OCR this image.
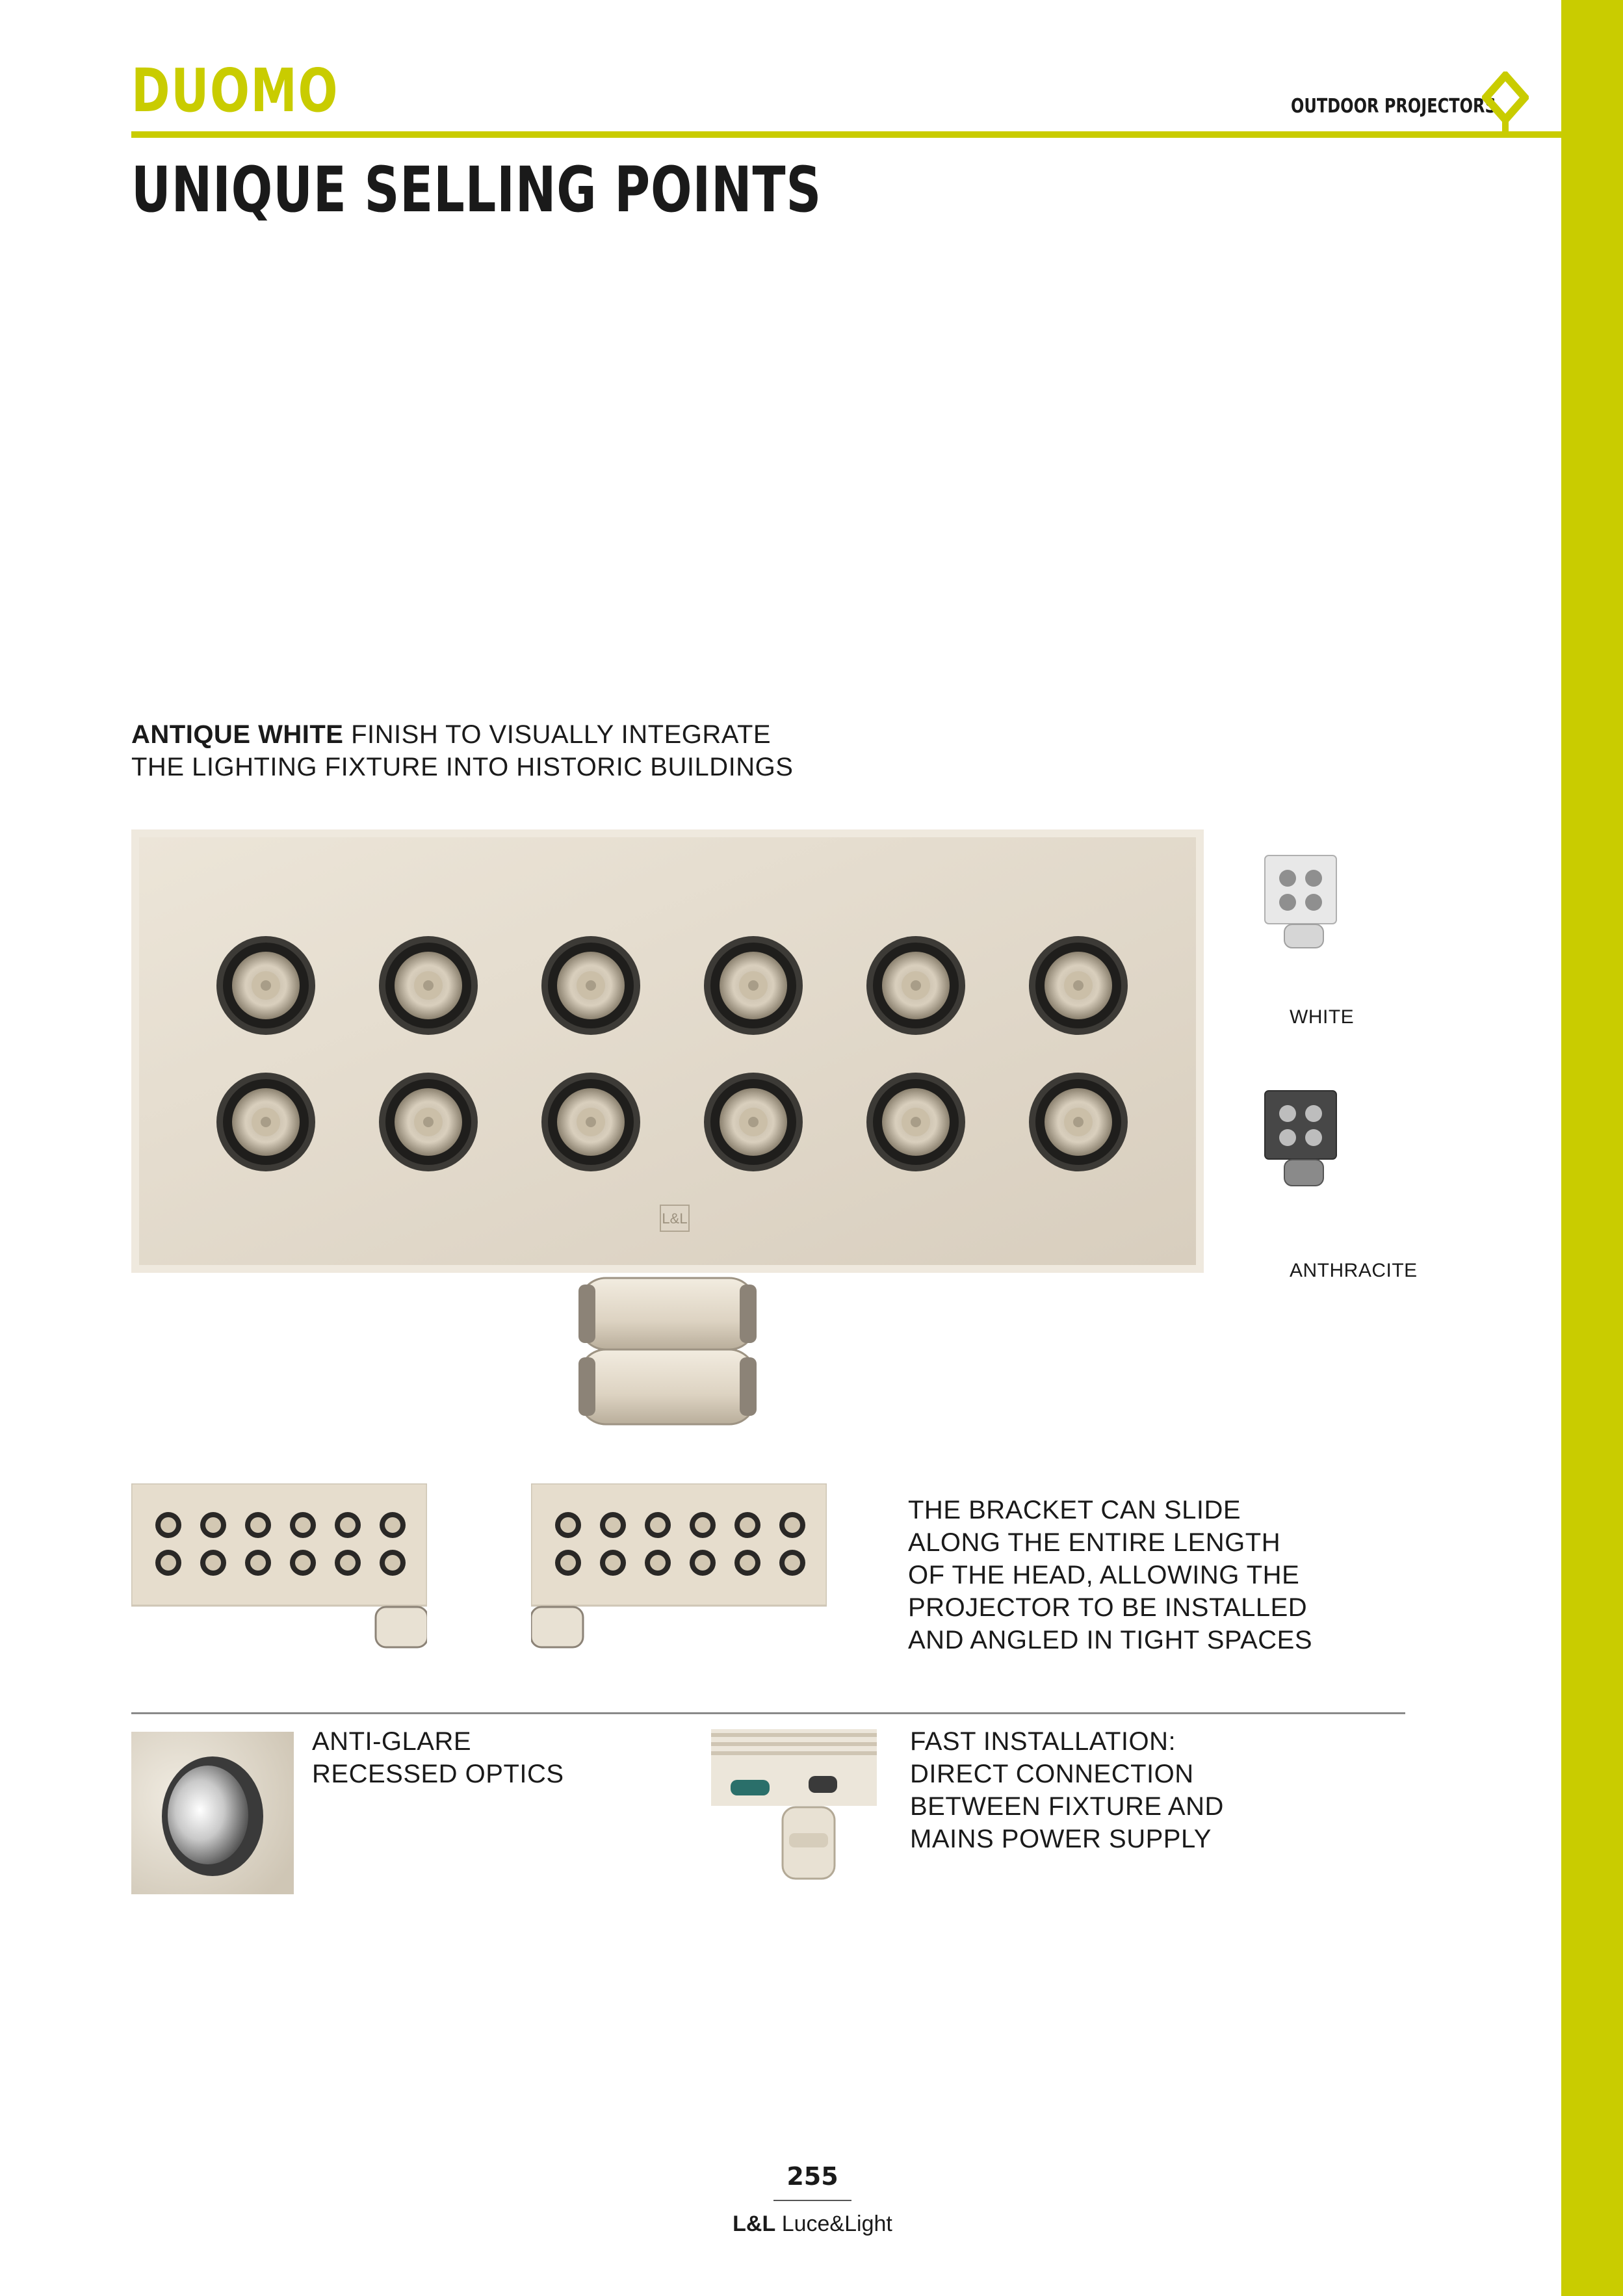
DUOMO	OUTDOOR PROJECTORS
UNIQUE SELLING POINTS
ANTIQUE WHITE FINISH TO VISUALLY INTEGRATE
THE LIGHTING FIXTURE INTO HISTORIC BUILDINGS
L&L
WHITE
ANTHRACITE
THE BRACKET CAN SLIDE
ALONG THE ENTIRE LENGTH
OF THE HEAD, ALLOWING THE
PROJECTOR TO BE INSTALLED
AND ANGLED IN TIGHT SPACES
ANTI-GLARE
RECESSED OPTICS
FAST INSTALLATION:
DIRECT CONNECTION
BETWEEN FIXTURE AND
MAINS POWER SUPPLY
255
L&L Luce&Light
